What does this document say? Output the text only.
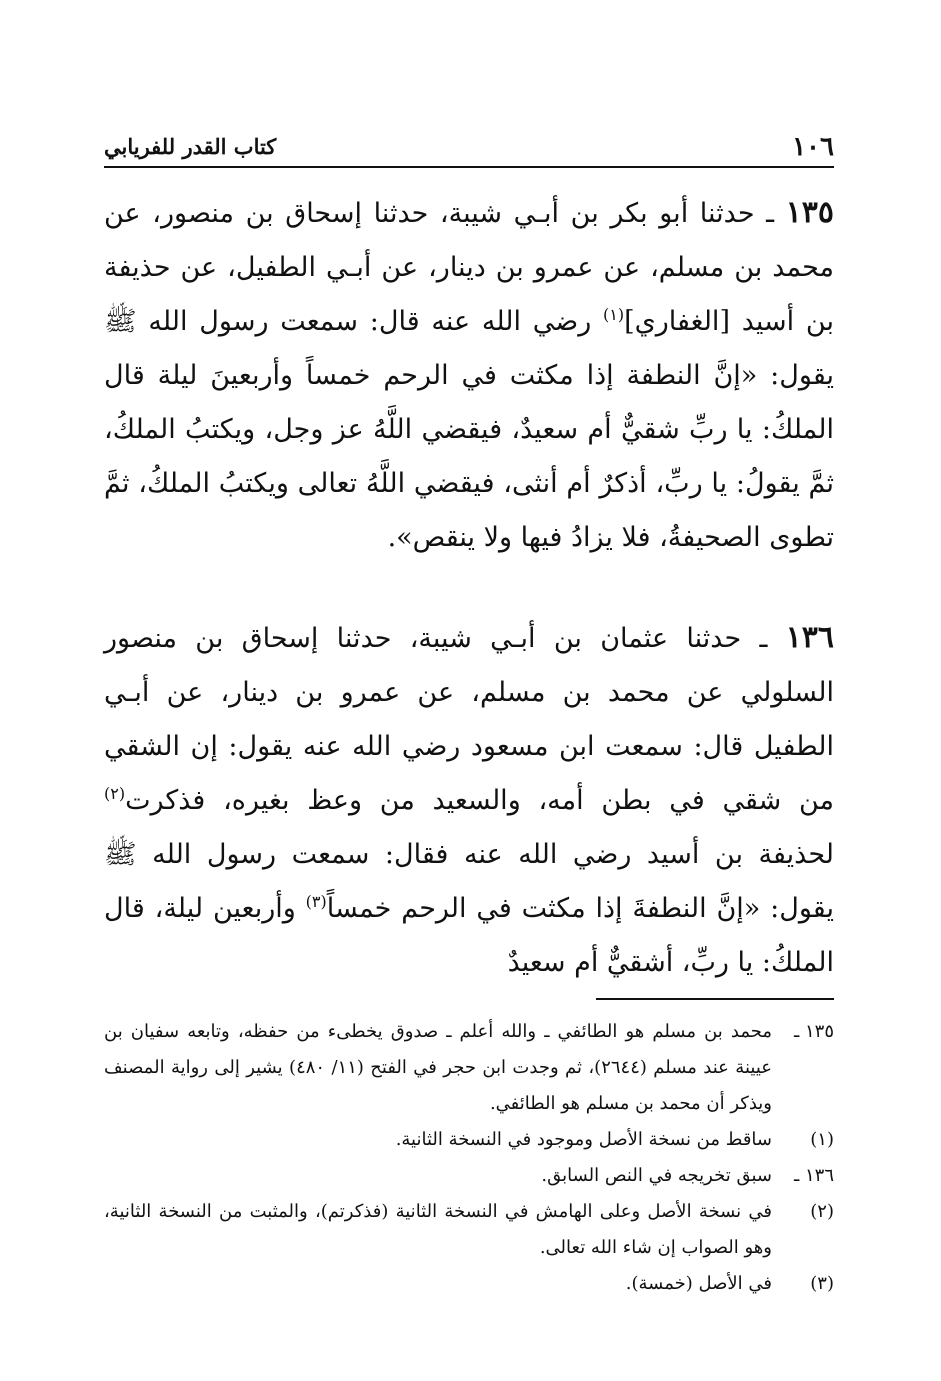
١٠٦
كتاب القدر للفريابي

١٣٥ ـ حدثنا أبو بكر بن أبـي شيبة، حدثنا إسحاق بن منصور، عن محمد بن مسلم، عن عمرو بن دينار، عن أبـي الطفيل، عن حذيفة بن أسيد [الغفاري]$^{(١)}$ رضي الله عنه قال: سمعت رسول الله ﷺ يقول: «إنَّ النطفة إذا مكثت في الرحم خمساً وأربعينَ ليلة قال الملكُ: يا ربِّ شقيٌّ أم سعيدٌ، فيقضي اللَّهُ عز وجل، ويكتبُ الملكُ، ثمَّ يقولُ: يا ربِّ، أذكرٌ أم أنثى، فيقضي اللَّهُ تعالى ويكتبُ الملكُ، ثمَّ تطوى الصحيفةُ، فلا يزادُ فيها ولا ينقص».

١٣٦ ـ حدثنا عثمان بن أبـي شيبة، حدثنا إسحاق بن منصور السلولي عن محمد بن مسلم، عن عمرو بن دينار، عن أبـي الطفيل قال: سمعت ابن مسعود رضي الله عنه يقول: إن الشقي من شقي في بطن أمه، والسعيد من وعظ بغيره، فذكرت$^{(٢)}$ لحذيفة بن أسيد رضي الله عنه فقال: سمعت رسول الله ﷺ يقول: «إنَّ النطفةَ إذا مكثت في الرحم خمساً$^{(٣)}$ وأربعين ليلة، قال الملكُ: يا ربِّ، أشقيٌّ أم سعيدٌ

١٣٥ ـ
محمد بن مسلم هو الطائفي ـ والله أعلم ـ صدوق يخطىء من حفظه، وتابعه سفيان بن عيينة عند مسلم (٢٦٤٤)، ثم وجدت ابن حجر في الفتح (١١/ ٤٨٠) يشير إلى رواية المصنف ويذكر أن محمد بن مسلم هو الطائفي.
(١)
ساقط من نسخة الأصل وموجود في النسخة الثانية.
١٣٦ ـ
سبق تخريجه في النص السابق.
(٢)
في نسخة الأصل وعلى الهامش في النسخة الثانية (فذكرتم)، والمثبت من النسخة الثانية، وهو الصواب إن شاء الله تعالى.
(٣)
في الأصل (خمسة).
